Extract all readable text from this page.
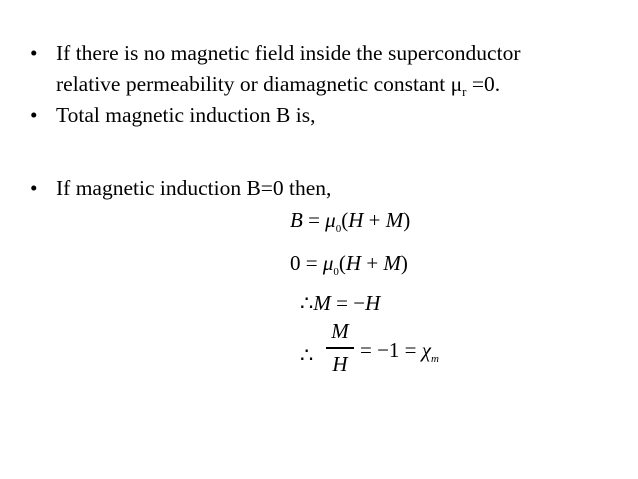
• If there is no magnetic field inside the superconductor
relative permeability or diamagnetic constant $\mu_r =0$.
• Total magnetic induction B is,
• If magnetic induction B=0 then,
$B = \mu_0(H + M)$
$0 = \mu_0(H + M)$
∴M = −H
∴
M
H
= $-1 = \chi_m$
